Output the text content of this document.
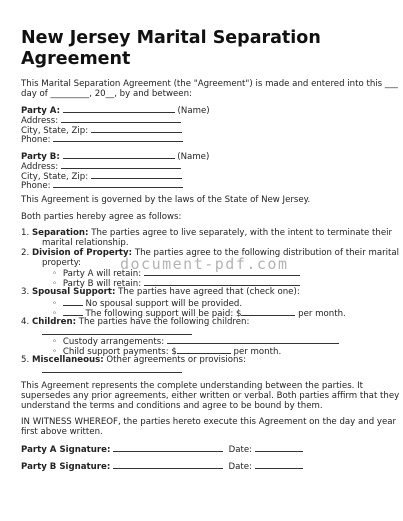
New Jersey Marital Separation Agreement
This Marital Separation Agreement (the "Agreement") is made and entered into this ___
day of _________, 20__, by and between:
Party A:	(Name)
Address:
City, State, Zip:
Phone:
Party B:	(Name)
Address:
City, State, Zip:
Phone:
This Agreement is governed by the laws of the State of New Jersey.
Both parties hereby agree as follows:
1. Separation: The parties agree to live separately, with the intent to terminate their
marital relationship.
2. Division of Property: The parties agree to the following distribution of their marital
property:
◦ Party A will retain:
◦ Party B will retain:
3. Spousal Support: The parties have agreed that (check one):
◦ No spousal support will be provided.
◦ The following support will be paid: $	per month.
4. Children: The parties have the following children:
◦ Custody arrangements:
◦ Child support payments: $	per month.
5. Miscellaneous: Other agreements or provisions:
This Agreement represents the complete understanding between the parties. It
supersedes any prior agreements, either written or verbal. Both parties affirm that they
understand the terms and conditions and agree to be bound by them.
IN WITNESS WHEREOF, the parties hereto execute this Agreement on the day and year
first above written.
Party A Signature:	Date:
Party B Signature:	Date:
document-pdf.com
